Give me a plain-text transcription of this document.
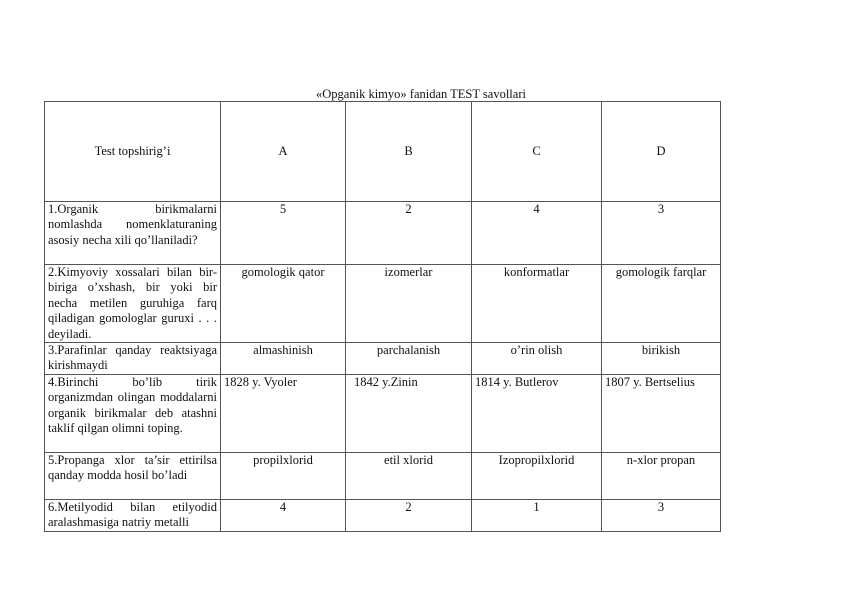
«Opganik kimyo» fanidan TEST savollari
Test topshirig’i	A	B	C	D
1.Organik birikmalarni nomlashda nomenklaturaning asosiy necha xili qo’llaniladi?	5	2	4	3
2.Kimyoviy xossalari bilan bir-biriga o’xshash, bir yoki bir necha metilen guruhiga farq qiladigan gomologlar guruxi . . . deyiladi.	gomologik qator	izomerlar	konformatlar	gomologik farqlar
3.Parafinlar qanday reaktsiyaga kirishmaydi	almashinish	parchalanish	o’rin olish	birikish
4.Birinchi bo’lib tirik organizmdan olingan moddalarni organik birikmalar deb atashni taklif qilgan olimni toping.	1828 y. Vyoler	1842 y.Zinin	1814 y. Butlerov	1807 y. Bertselius
5.Propanga xlor ta’sir ettirilsa qanday modda hosil bo’ladi	propilxlorid	etil xlorid	Izopropilxlorid	n-xlor propan
6.Metilyodid bilan etilyodid aralashmasiga natriy metalli	4	2	1	3
